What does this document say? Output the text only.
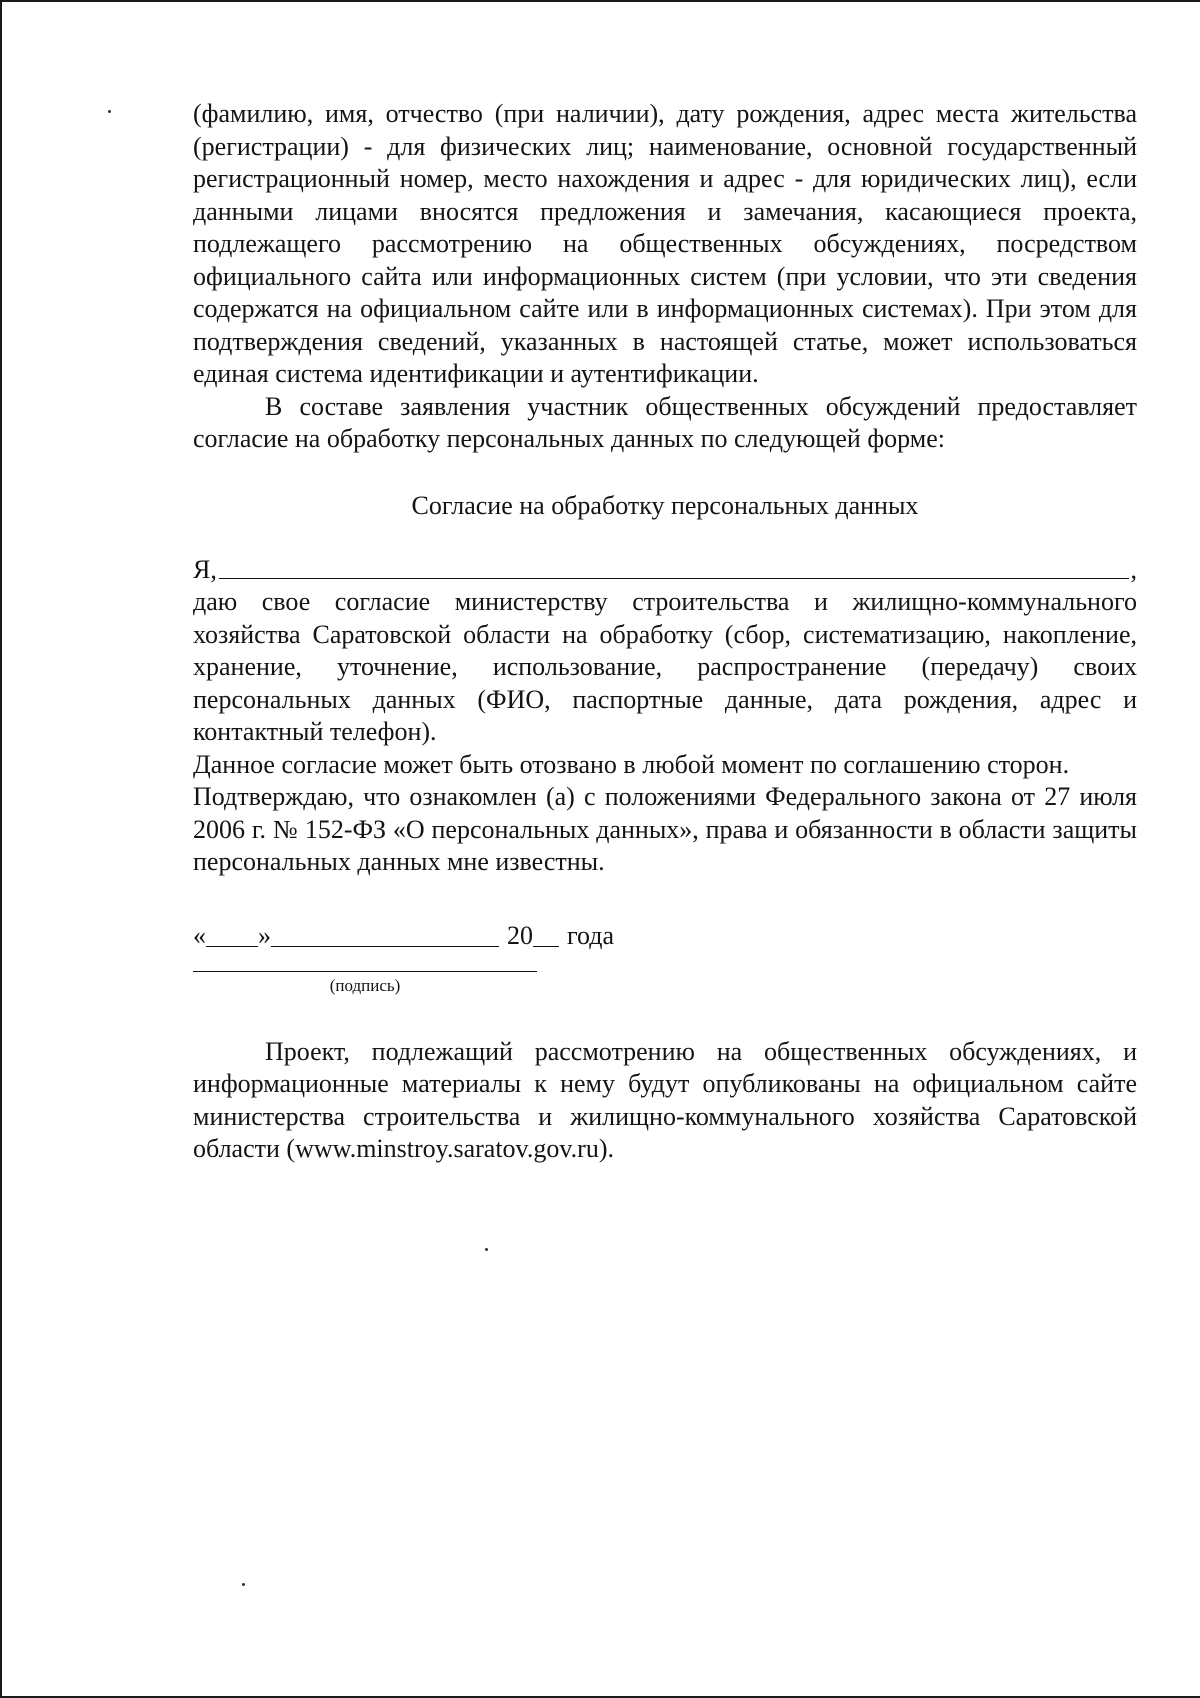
(фамилию, имя, отчество (при наличии), дату рождения, адрес места жительства (регистрации) - для физических лиц; наименование, основной государственный регистрационный номер, место нахождения и адрес - для юридических лиц), если данными лицами вносятся предложения и замечания, касающиеся проекта, подлежащего рассмотрению на общественных обсуждениях, посредством официального сайта или информационных систем (при условии, что эти сведения содержатся на официальном сайте или в информационных системах). При этом для подтверждения сведений, указанных в настоящей статье, может использоваться единая система идентификации и аутентификации.

В составе заявления участник общественных обсуждений предоставляет согласие на обработку персональных данных по следующей форме:

Согласие на обработку персональных данных

Я,	,

даю свое согласие министерству строительства и жилищно-коммунального хозяйства Саратовской области на обработку (сбор, систематизацию, накопление, хранение, уточнение, использование, распространение (передачу) своих персональных данных (ФИО, паспортные данные, дата рождения, адрес и контактный телефон).

Данное согласие может быть отозвано в любой момент по соглашению сторон.

Подтверждаю, что ознакомлен (а) с положениями Федерального закона от 27 июля 2006 г. № 152-ФЗ «О персональных данных», права и обязанности в области защиты персональных данных мне известны.

« »	20 года
(подпись)

Проект, подлежащий рассмотрению на общественных обсуждениях, и информационные материалы к нему будут опубликованы на официальном сайте министерства строительства и жилищно-коммунального хозяйства Саратовской области (www.minstroy.saratov.gov.ru).
